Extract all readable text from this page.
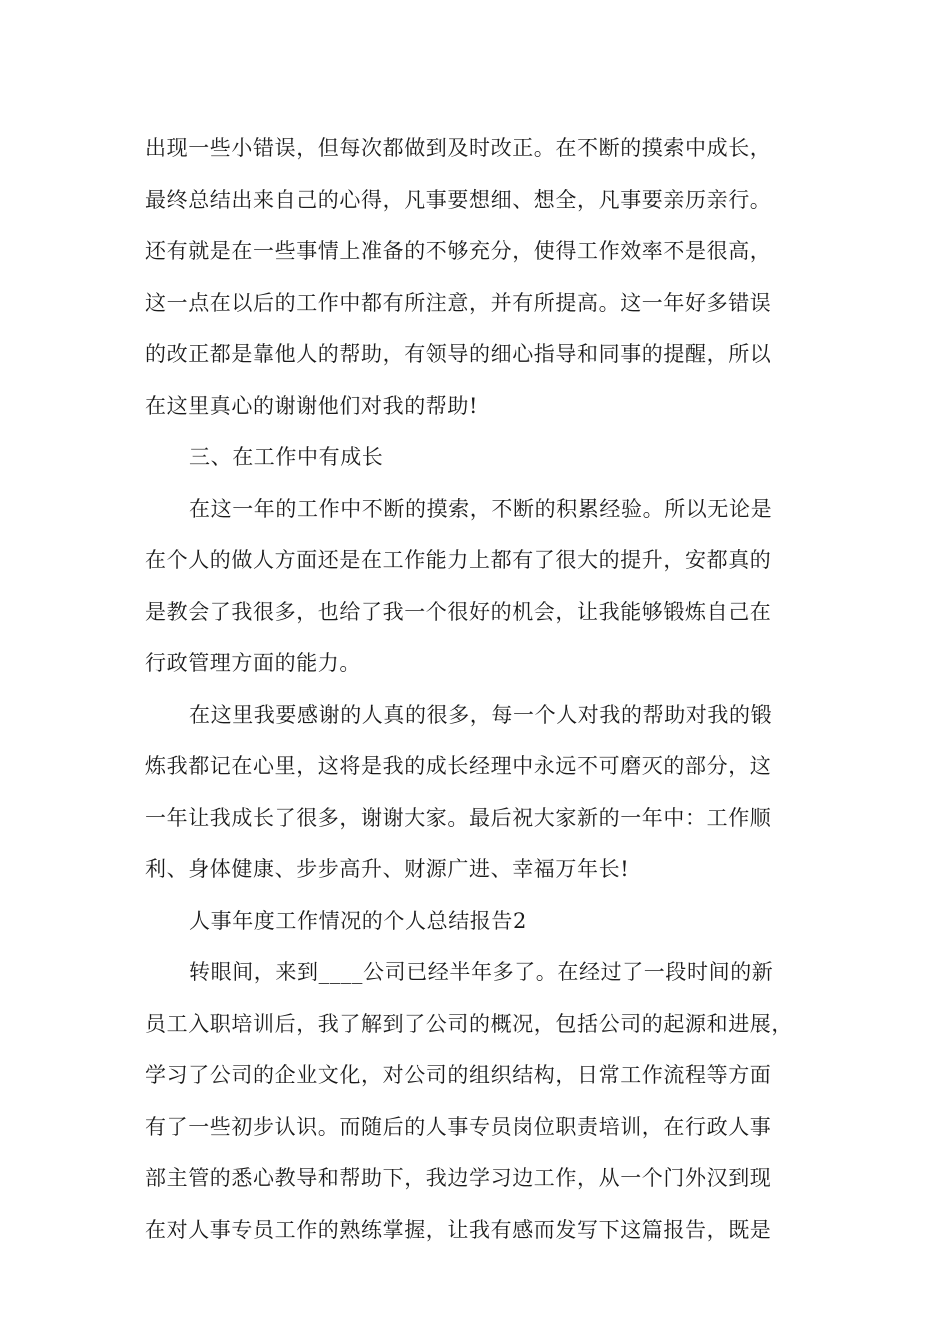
出现一些小错误，但每次都做到及时改正。在不断的摸索中成长，
最终总结出来自己的心得，凡事要想细、想全，凡事要亲历亲行。
还有就是在一些事情上准备的不够充分，使得工作效率不是很高，
这一点在以后的工作中都有所注意，并有所提高。这一年好多错误
的改正都是靠他人的帮助，有领导的细心指导和同事的提醒，所以
在这里真心的谢谢他们对我的帮助!
三、在工作中有成长
在这一年的工作中不断的摸索，不断的积累经验。所以无论是
在个人的做人方面还是在工作能力上都有了很大的提升，安都真的
是教会了我很多，也给了我一个很好的机会，让我能够锻炼自己在
行政管理方面的能力。
在这里我要感谢的人真的很多，每一个人对我的帮助对我的锻
炼我都记在心里，这将是我的成长经理中永远不可磨灭的部分，这
一年让我成长了很多，谢谢大家。最后祝大家新的一年中：工作顺
利、身体健康、步步高升、财源广进、幸福万年长!
人事年度工作情况的个人总结报告2
转眼间，来到____公司已经半年多了。在经过了一段时间的新
员工入职培训后，我了解到了公司的概况，包括公司的起源和进展，
学习了公司的企业文化，对公司的组织结构，日常工作流程等方面
有了一些初步认识。而随后的人事专员岗位职责培训，在行政人事
部主管的悉心教导和帮助下，我边学习边工作，从一个门外汉到现
在对人事专员工作的熟练掌握，让我有感而发写下这篇报告，既是
